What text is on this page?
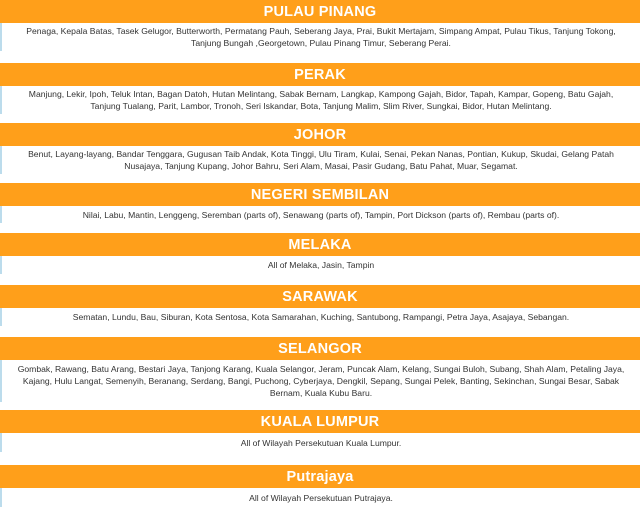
PULAU PINANG

Penaga, Kepala Batas, Tasek Gelugor, Butterworth, Permatang Pauh, Seberang Jaya, Prai, Bukit Mertajam, Simpang Ampat, Pulau Tikus, Tanjung Tokong, Tanjung Bungah ,Georgetown, Pulau Pinang Timur, Seberang Perai.

PERAK

Manjung, Lekir, Ipoh, Teluk Intan, Bagan Datoh, Hutan Melintang, Sabak Bernam, Langkap, Kampong Gajah, Bidor, Tapah, Kampar, Gopeng, Batu Gajah, Tanjung Tualang, Parit, Lambor, Tronoh, Seri Iskandar, Bota, Tanjung Malim, Slim River, Sungkai, Bidor, Hutan Melintang.

JOHOR

Benut, Layang-layang, Bandar Tenggara, Gugusan Taib Andak, Kota Tinggi, Ulu Tiram, Kulai, Senai, Pekan Nanas, Pontian, Kukup, Skudai, Gelang Patah Nusajaya, Tanjung Kupang, Johor Bahru, Seri Alam, Masai, Pasir Gudang, Batu Pahat, Muar, Segamat.

NEGERI SEMBILAN

Nilai, Labu, Mantin, Lenggeng, Seremban (parts of), Senawang (parts of), Tampin, Port Dickson (parts of), Rembau (parts of).

MELAKA

All of Melaka, Jasin, Tampin

SARAWAK

Sematan, Lundu, Bau, Siburan, Kota Sentosa, Kota Samarahan, Kuching, Santubong, Rampangi, Petra Jaya, Asajaya, Sebangan.

SELANGOR

Gombak, Rawang, Batu Arang, Bestari Jaya, Tanjong Karang, Kuala Selangor, Jeram, Puncak Alam, Kelang, Sungai Buloh, Subang, Shah Alam, Petaling Jaya, Kajang, Hulu Langat, Semenyih, Beranang, Serdang, Bangi, Puchong, Cyberjaya, Dengkil, Sepang, Sungai Pelek, Banting, Sekinchan, Sungai Besar, Sabak Bernam, Kuala Kubu Baru.

KUALA LUMPUR

All of Wilayah Persekutuan Kuala Lumpur.

Putrajaya

All of Wilayah Persekutuan Putrajaya.
